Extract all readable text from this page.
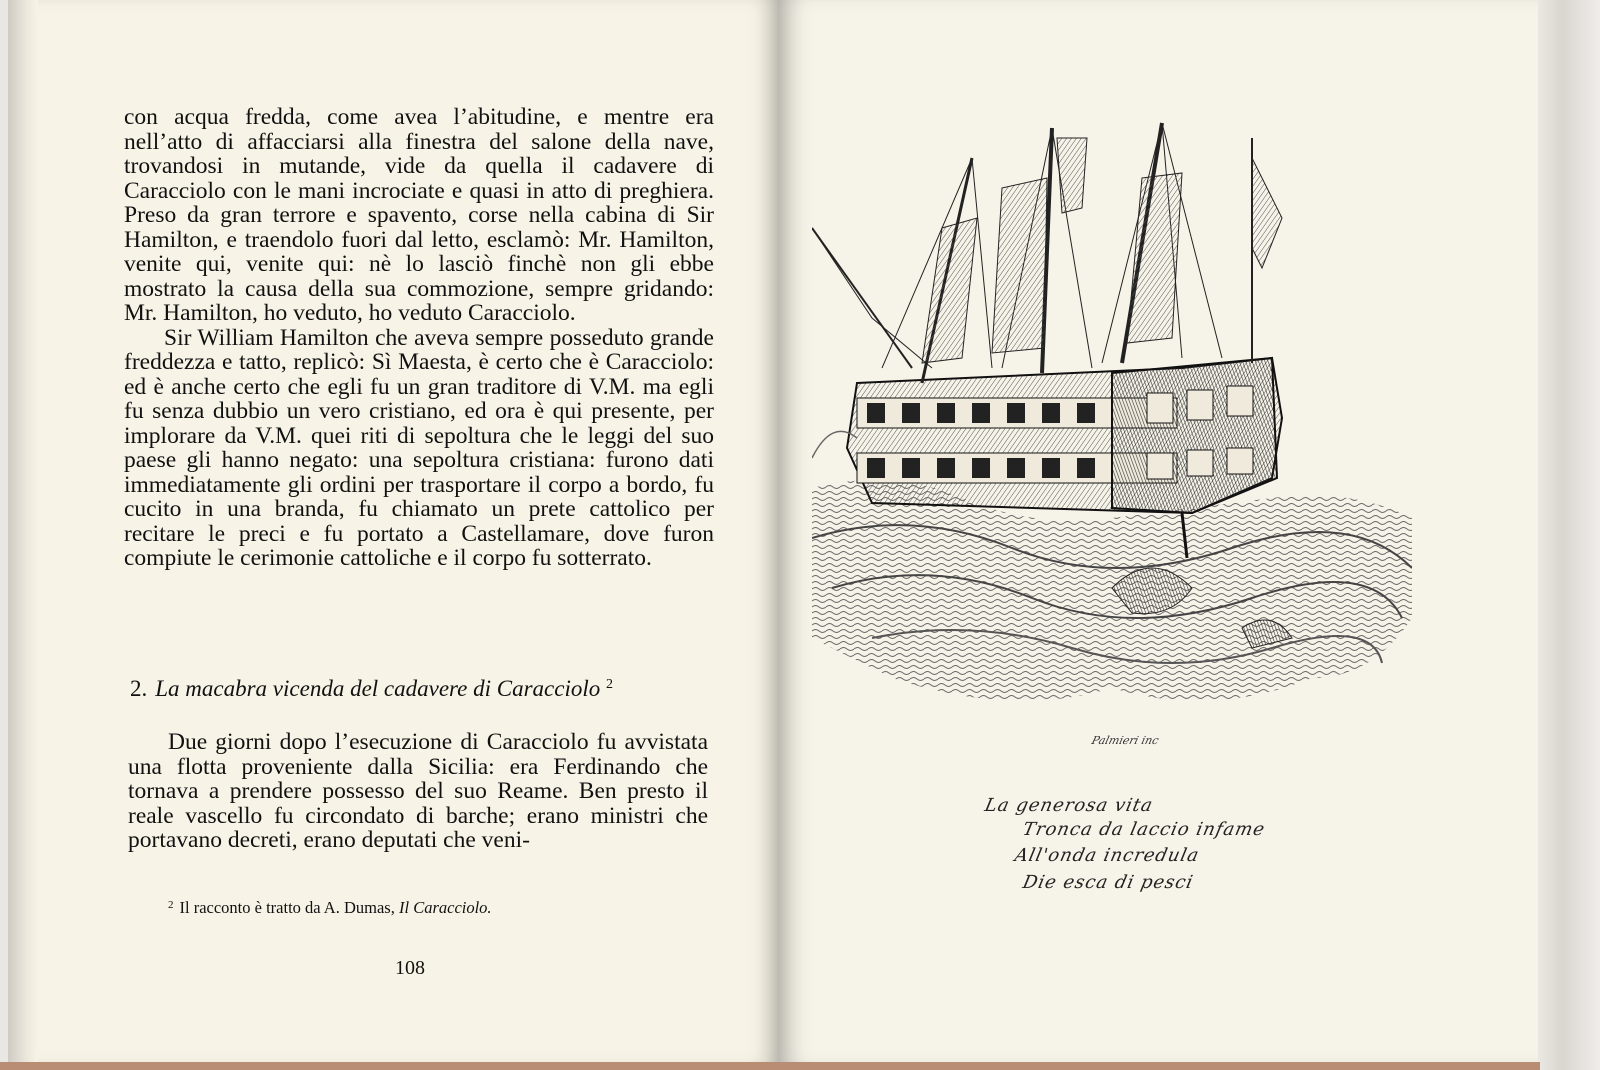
con acqua fredda, come avea l’abitudine, e mentre era nell’atto di affacciarsi alla finestra del salone della nave, trovandosi in mutande, vide da quella il cadavere di Caracciolo con le mani incrociate e quasi in atto di preghiera. Preso da gran terrore e spavento, corse nella cabina di Sir Hamilton, e traendolo fuori dal letto, esclamò: Mr. Hamilton, venite qui, venite qui: nè lo lasciò finchè non gli ebbe mostrato la causa della sua commozione, sempre gridando: Mr. Hamilton, ho veduto, ho veduto Caracciolo.

Sir William Hamilton che aveva sempre posseduto grande freddezza e tatto, replicò: Sì Maesta, è certo che è Caracciolo: ed è anche certo che egli fu un gran traditore di V.M. ma egli fu senza dubbio un vero cristiano, ed ora è qui presente, per implorare da V.M. quei riti di sepoltura che le leggi del suo paese gli hanno negato: una sepoltura cristiana: furono dati immediatamente gli ordini per trasportare il corpo a bordo, fu cucito in una branda, fu chiamato un prete cattolico per recitare le preci e fu portato a Castellamare, dove furon compiute le cerimonie cattoliche e il corpo fu sotterrato.

2. La macabra vicenda del cadavere di Caracciolo $^2$

Due giorni dopo l’esecuzione di Caracciolo fu avvistata una flotta proveniente dalla Sicilia: era Ferdinando che tornava a prendere possesso del suo Reame. Ben presto il reale vascello fu circondato di barche; erano ministri che portavano decreti, erano deputati che veni-

$^2$ Il racconto è tratto da A. Dumas, Il Caracciolo.
108
Palmieri inc
La generosa vita
Tronca da laccio infame
All'onda incredula
Die esca di pesci
